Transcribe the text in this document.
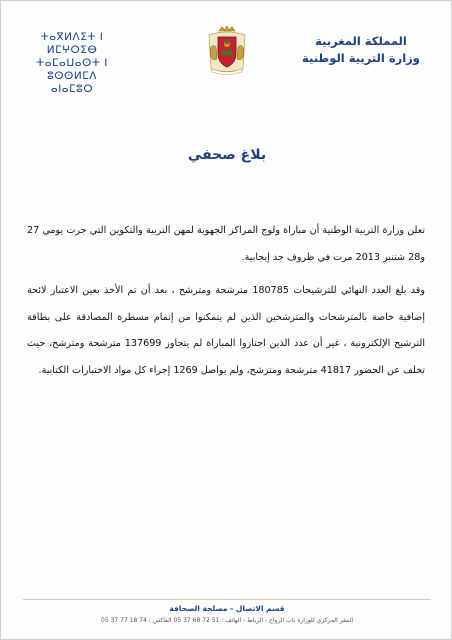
ⵜⴰⴳⵍⴷⵉⵜ ⵏ ⵍⵎⵖⵔⵉⴱ
ⵜⴰⵎⴰⵡⴰⵙⵜ ⵏ ⵓⵙⵙⵍⵎⴷ
ⴰⵏⴰⵎⵓⵔ
المملكة المغربية
وزارة التربية الوطنية
بلاغ صحفي
تعلن وزارة التربية الوطنية أن مباراة ولوج المراكز الجهوية لمهن التربية والتكوين التي جرت يومي 27 و28 شتنبر 2013 مرت في ظروف جد إيجابية.
وقد بلغ العدد النهائي للترشيحات 180785 مترشحة ومترشح ، بعد أن تم الأخذ بعين الاعتبار لائحة إضافية خاصة بالمترشحات والمترشحين الذين لم يتمكنوا من إتمام مسطرة المصادقة على بطاقة الترشيح الإلكترونية ، غير أن عدد الذين اجتازوا المباراة لم يتجاوز 137699 مترشحة ومترشح، حيث تخلف عن الحضور 41817 مترشحة ومترشح، ولم يواصل 1269 إجراء كل مواد الاختبارات الكتابية.
قسم الاتصال - مصلحة الصحافة
المقر المركزي للوزارة باب الرواح - الرباط - الهاتف : 51 72 68 37 05 الفاكس : 74 18 77 37 05
